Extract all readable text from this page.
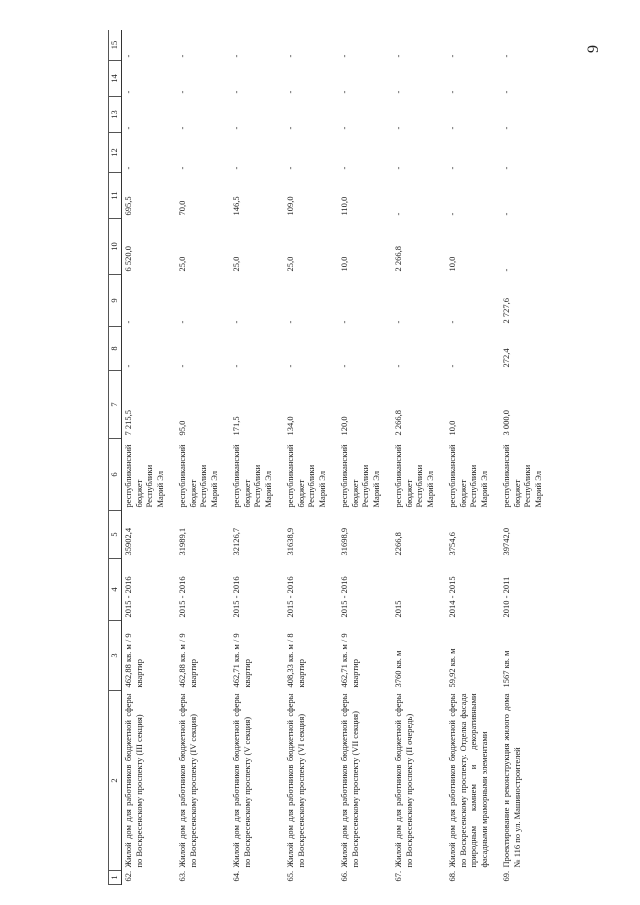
9
1	2	3	4	5	6	7	8	9	10	11	12	13	14	15
62.	Жилой дом для работников бюджетной сферы по Воскресенскому проспекту (III секция)	462,88 кв. м / 9 квартир	2015 - 2016	35902,4	республиканский бюджет Республики Марий Эл	7 215,5	-	-	6 520,0	695,5	-	-	-	-
63.	Жилой дом для работников бюджетной сферы по Воскресенскому проспекту (IV секция)	462,88 кв. м / 9 квартир	2015 - 2016	31989,1	республиканский бюджет Республики Марий Эл	95,0	-	-	25,0	70,0	-	-	-	-
64.	Жилой дом для работников бюджетной сферы по Воскресенскому проспекту (V секция)	462,71 кв. м / 9 квартир	2015 - 2016	32126,7	республиканский бюджет Республики Марий Эл	171,5	-	-	25,0	146,5	-	-	-	-
65.	Жилой дом для работников бюджетной сферы по Воскресенскому проспекту (VI секция)	408,33 кв. м / 8 квартир	2015 - 2016	31638,9	республиканский бюджет Республики Марий Эл	134,0	-	-	25,0	109,0	-	-	-	-
66.	Жилой дом для работников бюджетной сферы по Воскресенскому проспекту (VII секция)	462,71 кв. м / 9 квартир	2015 - 2016	31698,9	республиканский бюджет Республики Марий Эл	120,0	-	-	10,0	110,0	-	-	-	-
67.	Жилой дом для работников бюджетной сферы по Воскресенскому проспекту (II очередь)	3760 кв. м	2015	2266,8	республиканский бюджет Республики Марий Эл	2 266,8	-	-	2 266,8	-	-	-	-	-
68.	Жилой дом для работников бюджетной сферы по Воскресенскому проспекту. Отделка фасада природным камнем и декоративными фасадными мраморными элементами	59,92 кв. м	2014 - 2015	3754,6	республиканский бюджет Республики Марий Эл	10,0	-	-	10,0	-	-	-	-	-
69.	Проектирование и реконструкция жилого дома № 116 по ул. Машиностроителей	1567 кв. м	2010 - 2011	39742,0	республиканский бюджет Республики Марий Эл	3 000,0	272,4	2 727,6	-	-	-	-	-	-
